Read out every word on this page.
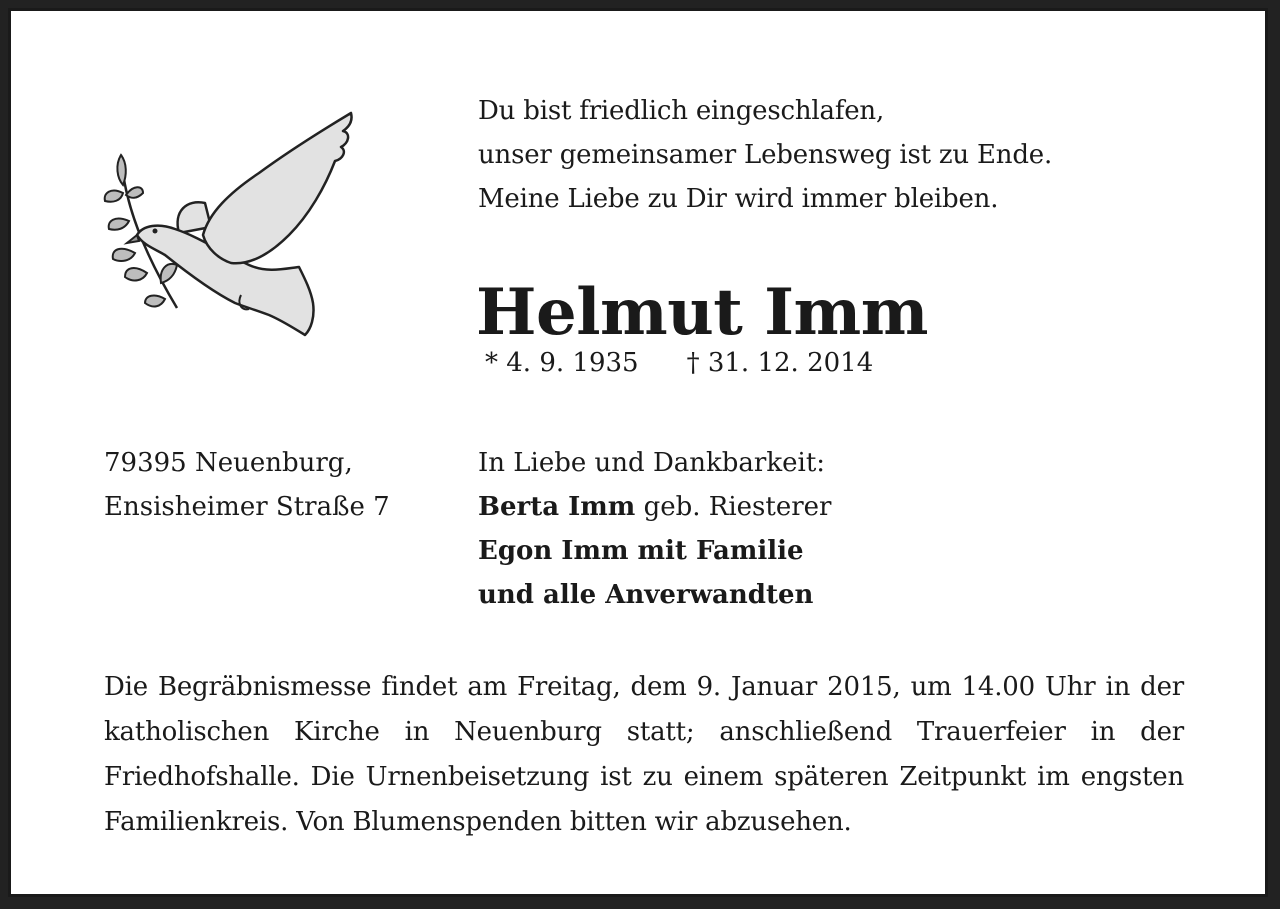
Du bist friedlich eingeschlafen,
unser gemeinsamer Lebensweg ist zu Ende.
Meine Liebe zu Dir wird immer bleiben.
Helmut Imm
* 4. 9. 1935 † 31. 12. 2014
79395 Neuenburg,
Ensisheimer Straße 7
In Liebe und Dankbarkeit:
Berta Imm geb. Riesterer
Egon Imm mit Familie
und alle Anverwandten
Die Begräbnismesse findet am Freitag, dem 9. Januar 2015, um 14.00 Uhr in der katholischen Kirche in Neuenburg statt; anschließend Trauerfeier in der Friedhofshalle. Die Urnenbeisetzung ist zu einem späteren Zeitpunkt im engsten Familienkreis. Von Blumenspenden bitten wir abzusehen.
